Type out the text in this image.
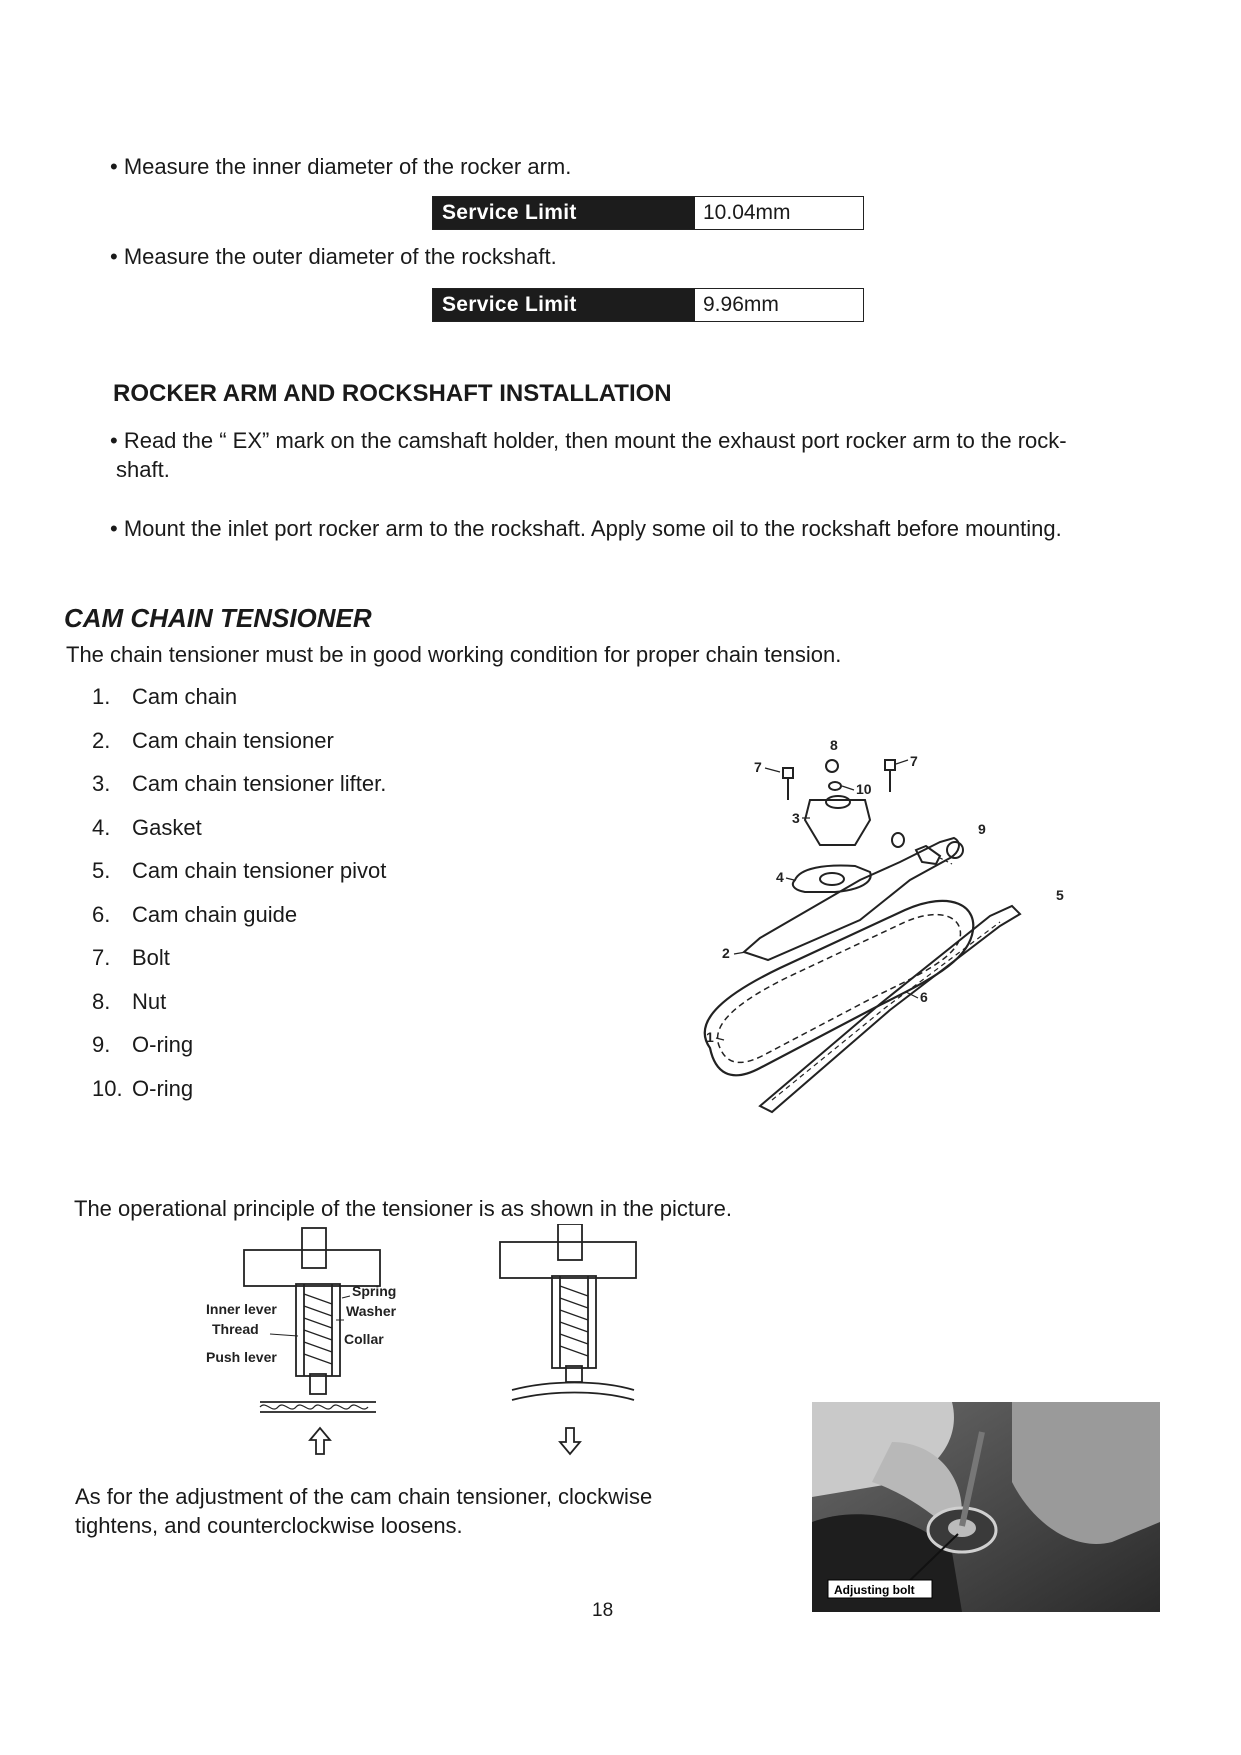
• Measure the inner diameter of the rocker arm.
Service Limit	10.04mm
• Measure the outer diameter of the rockshaft.
Service Limit	9.96mm
ROCKER ARM AND ROCKSHAFT INSTALLATION
• Read the “ EX” mark on the camshaft holder, then mount the exhaust port rocker arm to the rock-
shaft.
• Mount the inlet port rocker arm to the rockshaft. Apply some oil to the rockshaft before mounting.
CAM CHAIN TENSIONER
The chain tensioner must be in good working condition for proper chain tension.
1. Cam chain
2. Cam chain tensioner
3. Cam chain tensioner lifter.
4. Gasket
5. Cam chain tensioner pivot
6. Cam chain guide
7. Bolt
8. Nut
9. O-ring
10. O-ring
8
7	7
10
3
9
4
5
2
6
1
The operational principle of the tensioner is as shown in the picture.
Spring
Washer
Inner lever
Thread
Collar
Push lever
As for the adjustment of the cam chain tensioner, clockwise
tightens, and counterclockwise loosens.
Adjusting bolt
18
